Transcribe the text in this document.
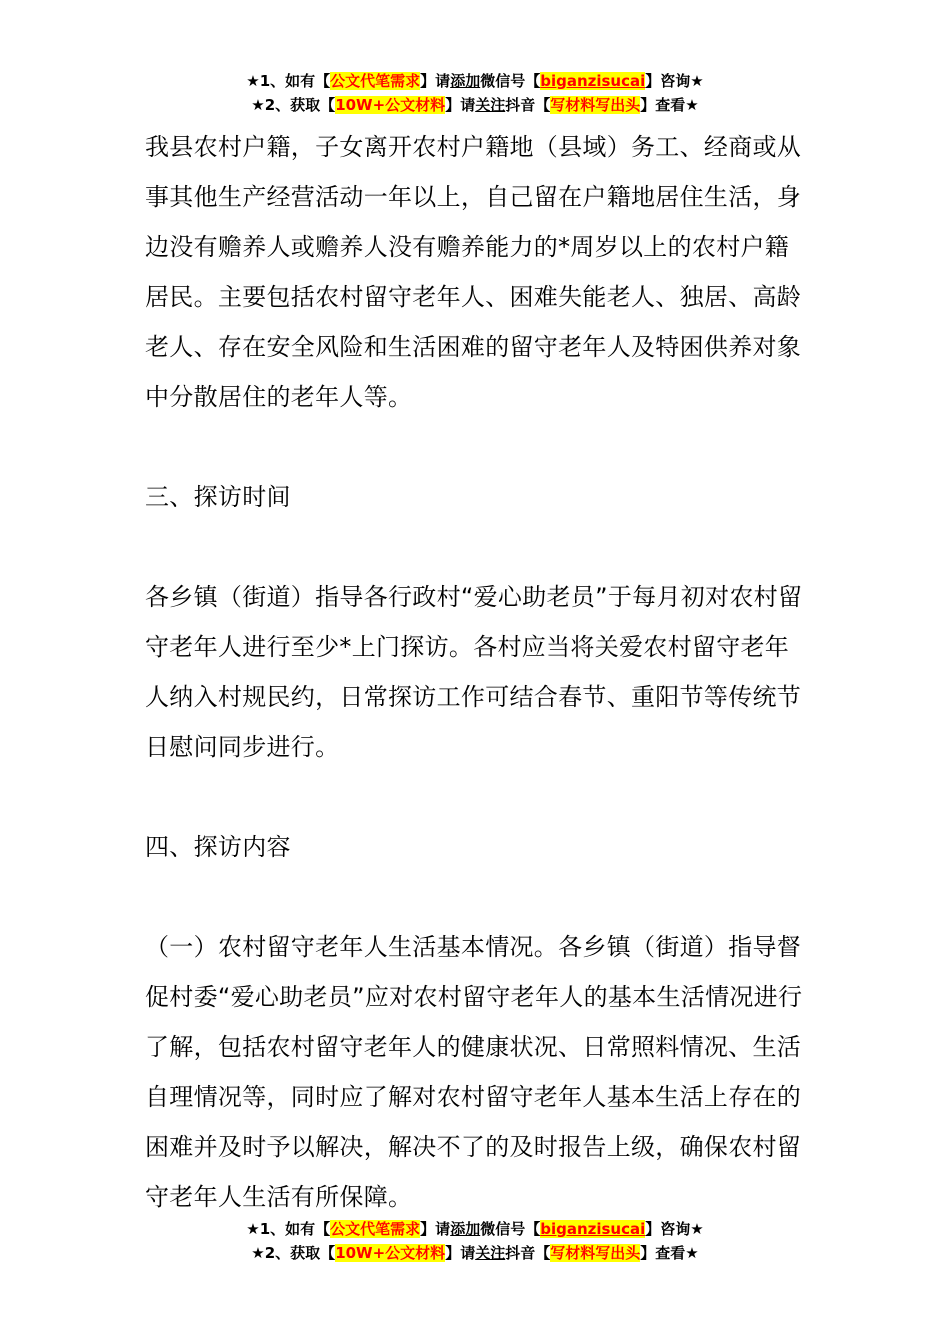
★1、如有【公文代笔需求】请添加微信号【biganzisucai】咨询★
★2、获取【10W+公文材料】请关注抖音【写材料写出头】查看★

我县农村户籍，子女离开农村户籍地（县域）务工、经商或从事其他生产经营活动一年以上，自己留在户籍地居住生活，身边没有赡养人或赡养人没有赡养能力的*周岁以上的农村户籍居民。主要包括农村留守老年人、困难失能老人、独居、高龄老人、存在安全风险和生活困难的留守老年人及特困供养对象中分散居住的老年人等。

三、探访时间

各乡镇（街道）指导各行政村“爱心助老员”于每月初对农村留守老年人进行至少*上门探访。各村应当将关爱农村留守老年人纳入村规民约，日常探访工作可结合春节、重阳节等传统节日慰问同步进行。

四、探访内容

（一）农村留守老年人生活基本情况。各乡镇（街道）指导督促村委“爱心助老员”应对农村留守老年人的基本生活情况进行了解，包括农村留守老年人的健康状况、日常照料情况、生活自理情况等，同时应了解对农村留守老年人基本生活上存在的困难并及时予以解决，解决不了的及时报告上级，确保农村留守老年人生活有所保障。

★1、如有【公文代笔需求】请添加微信号【biganzisucai】咨询★
★2、获取【10W+公文材料】请关注抖音【写材料写出头】查看★
